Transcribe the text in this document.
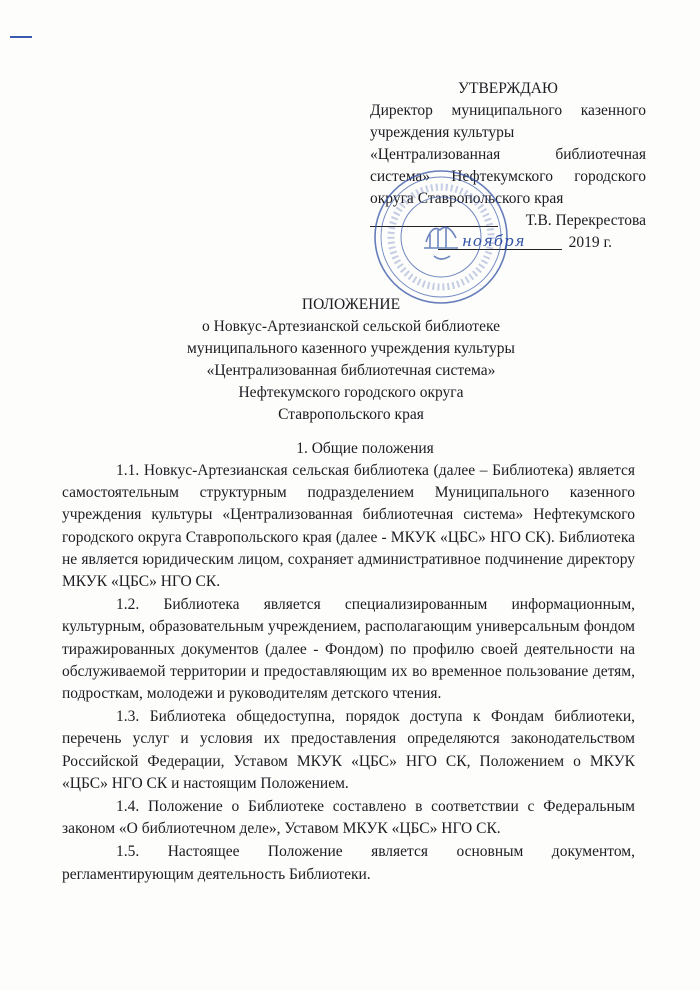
УТВЕРЖДАЮ
Директор муниципального казенного
учреждения культуры
«Централизованная библиотечная
система» Нефтекумского городского
округа Ставропольского края
Т.В. Перекрестова
ноября	2019 г.
ПОЛОЖЕНИЕ
о Новкус-Артезианской сельской библиотеке
муниципального казенного учреждения культуры
«Централизованная библиотечная система»
Нефтекумского городского округа
Ставропольского края
1. Общие положения

1.1. Новкус-Артезианская сельская библиотека (далее – Библиотека) является самостоятельным структурным подразделением Муниципального казенного учреждения культуры «Централизованная библиотечная система» Нефтекумского городского округа Ставропольского края (далее - МКУК «ЦБС» НГО СК). Библиотека не является юридическим лицом, сохраняет административное подчинение директору МКУК «ЦБС» НГО СК.

1.2. Библиотека является специализированным информационным, культурным, образовательным учреждением, располагающим универсальным фондом тиражированных документов (далее - Фондом) по профилю своей деятельности на обслуживаемой территории и предоставляющим их во временное пользование детям, подросткам, молодежи и руководителям детского чтения.

1.3. Библиотека общедоступна, порядок доступа к Фондам библиотеки, перечень услуг и условия их предоставления определяются законодательством Российской Федерации, Уставом МКУК «ЦБС» НГО СК, Положением о МКУК «ЦБС» НГО СК и настоящим Положением.

1.4. Положение о Библиотеке составлено в соответствии с Федеральным законом «О библиотечном деле», Уставом МКУК «ЦБС» НГО СК.

1.5. Настоящее Положение является основным документом, регламентирующим деятельность Библиотеки.
